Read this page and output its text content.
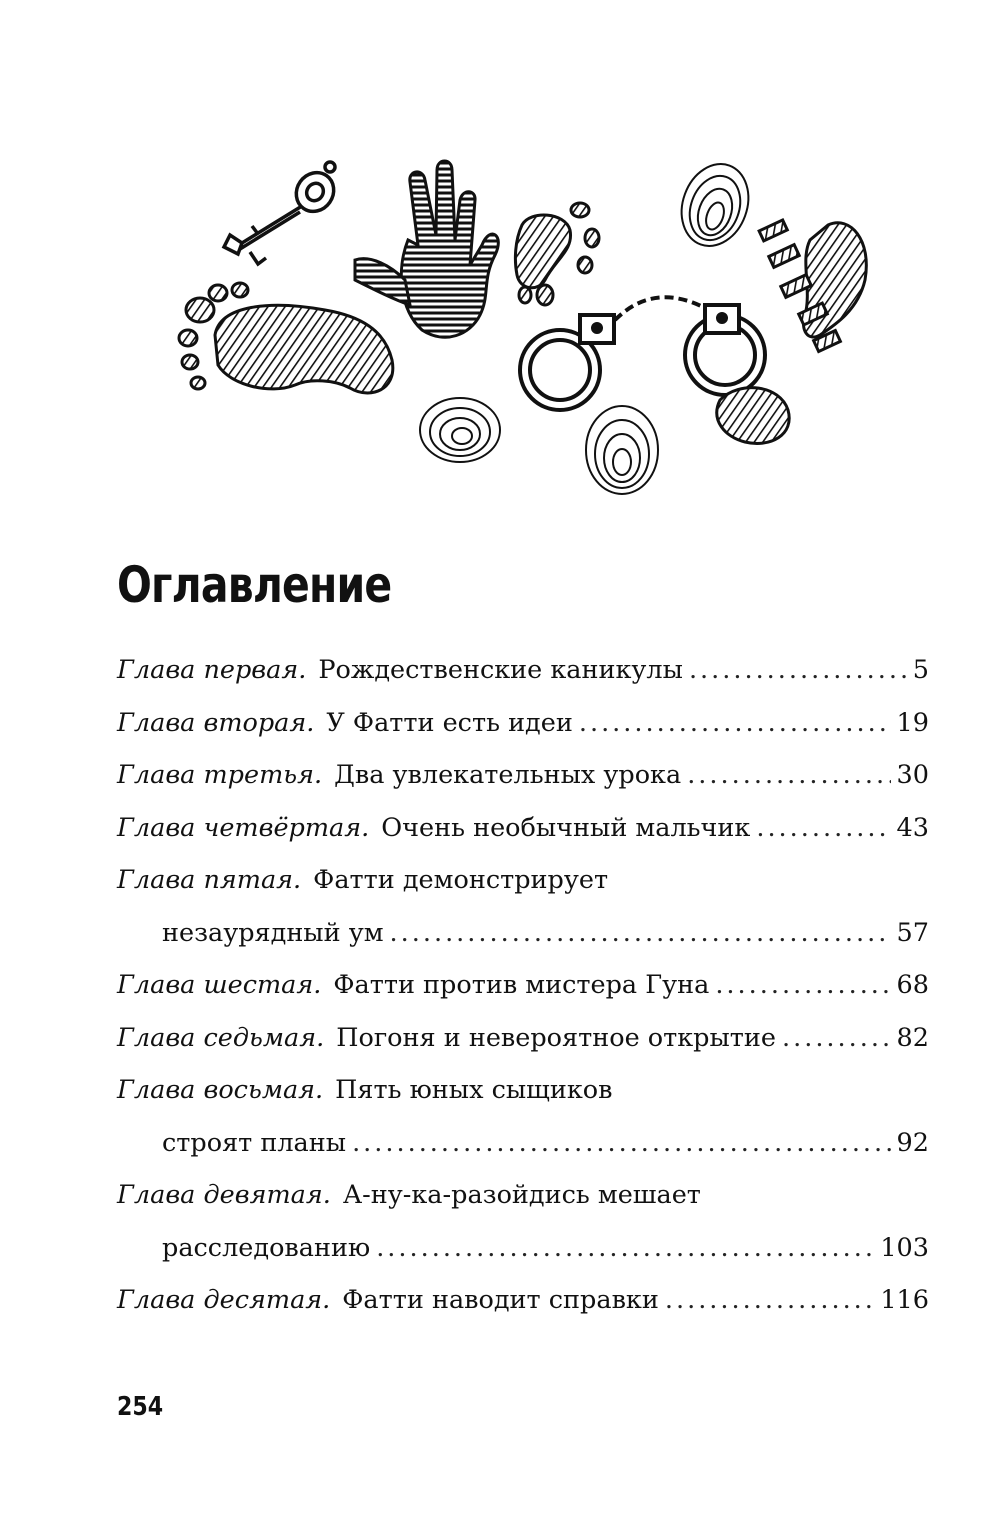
Оглавление
Глава первая. Рождественские каникулы .....	5
Глава вторая. У Фатти есть идеи .....	19
Глава третья. Два увлекательных урока .....	30
Глава четвёртая. Очень необычный мальчик .....	43
Глава пятая. Фатти демонстрирует
незаурядный ум .....	57
Глава шестая. Фатти против мистера Гуна .....	68
Глава седьмая. Погоня и невероятное открытие .....	82
Глава восьмая. Пять юных сыщиков
строят планы .....	92
Глава девятая. А-ну-ка-разойдись мешает
расследованию .....	103
Глава десятая. Фатти наводит справки .....	116

254
